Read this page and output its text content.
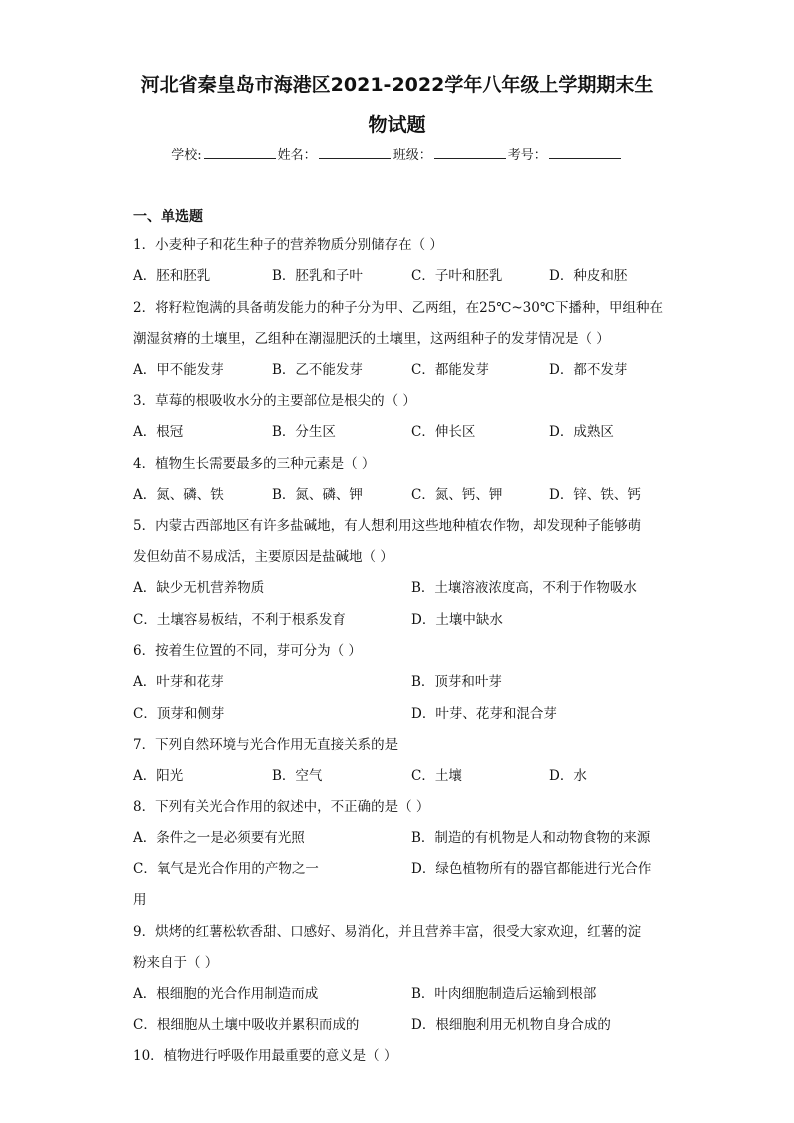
河北省秦皇岛市海港区2021-2022学年八年级上学期期末生
物试题
学校:	姓名：	班级：	考号：
一、单选题
1．小麦种子和花生种子的营养物质分别储存在（ ）
A．胚和胚乳	B．胚乳和子叶	C．子叶和胚乳	D．种皮和胚
2．将籽粒饱满的具备萌发能力的种子分为甲、乙两组，在25℃~30℃下播种，甲组种在
潮湿贫瘠的土壤里，乙组种在潮湿肥沃的土壤里，这两组种子的发芽情况是（ ）
A．甲不能发芽	B．乙不能发芽	C．都能发芽	D．都不发芽
3．草莓的根吸收水分的主要部位是根尖的（ ）
A．根冠	B．分生区	C．伸长区	D．成熟区
4．植物生长需要最多的三种元素是（ ）
A．氮、磷、铁	B．氮、磷、钾	C．氮、钙、钾	D．锌、铁、钙
5．内蒙古西部地区有许多盐碱地，有人想利用这些地种植农作物，却发现种子能够萌
发但幼苗不易成活，主要原因是盐碱地（ ）
A．缺少无机营养物质	B．土壤溶液浓度高，不利于作物吸水
C．土壤容易板结，不利于根系发育	D．土壤中缺水
6．按着生位置的不同，芽可分为（ ）
A．叶芽和花芽	B．顶芽和叶芽
C．顶芽和侧芽	D．叶芽、花芽和混合芽
7．下列自然环境与光合作用无直接关系的是
A．阳光	B．空气	C．土壤	D．水
8．下列有关光合作用的叙述中，不正确的是（ ）
A．条件之一是必须要有光照	B．制造的有机物是人和动物食物的来源
C．氧气是光合作用的产物之一	D．绿色植物所有的器官都能进行光合作
用
9．烘烤的红薯松软香甜、口感好、易消化，并且营养丰富，很受大家欢迎，红薯的淀
粉来自于（ ）
A．根细胞的光合作用制造而成	B．叶肉细胞制造后运输到根部
C．根细胞从土壤中吸收并累积而成的	D．根细胞利用无机物自身合成的
10．植物进行呼吸作用最重要的意义是（ ）
